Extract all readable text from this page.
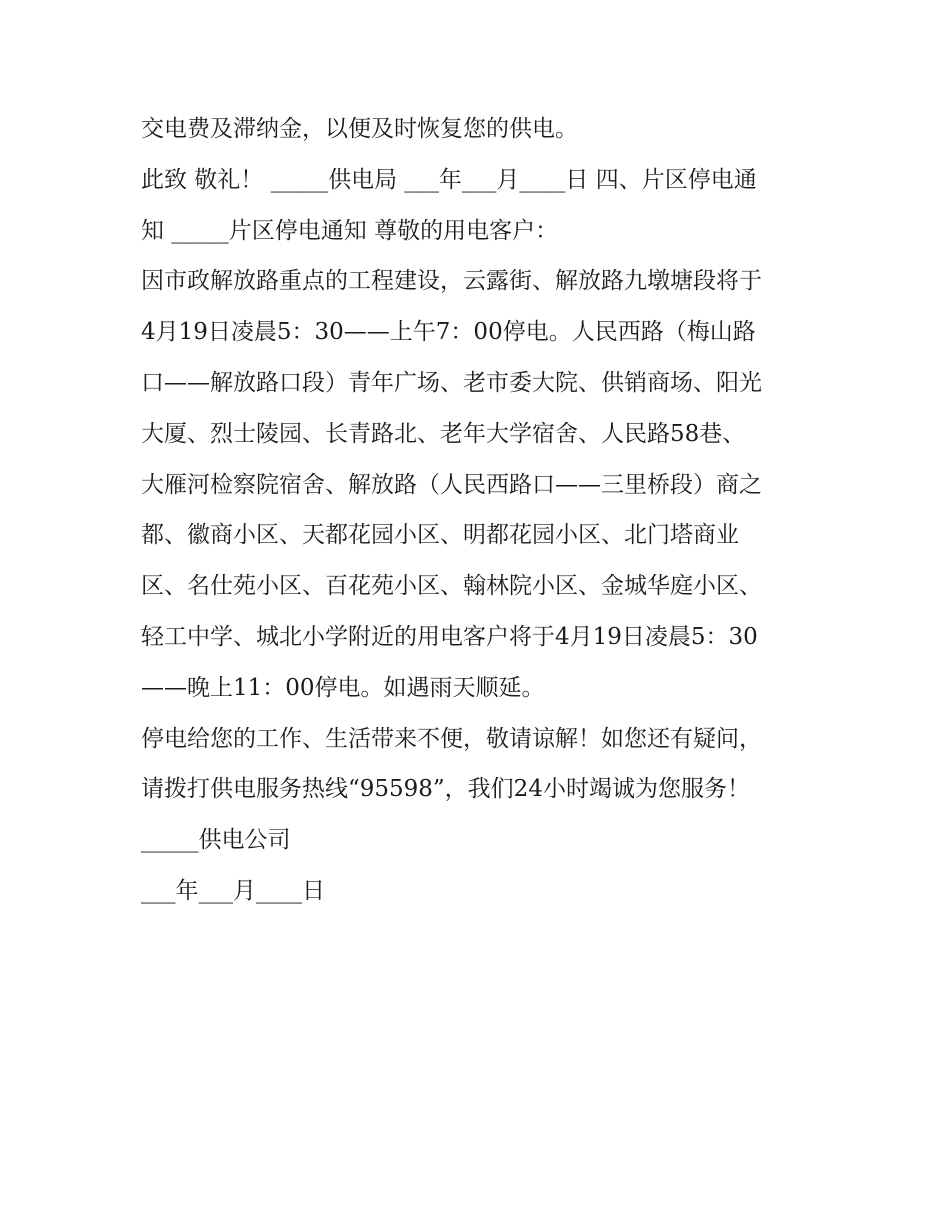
交电费及滞纳金，以便及时恢复您的供电。
此致 敬礼！ _____供电局 ___年___月____日 四、片区停电通
知 _____片区停电通知 尊敬的用电客户：
因市政解放路重点的工程建设，云露街、解放路九墩塘段将于
4月19日凌晨5：30——上午7：00停电。人民西路（梅山路
口——解放路口段）青年广场、老市委大院、供销商场、阳光
大厦、烈士陵园、长青路北、老年大学宿舍、人民路58巷、
大雁河检察院宿舍、解放路（人民西路口——三里桥段）商之
都、徽商小区、天都花园小区、明都花园小区、北门塔商业
区、名仕苑小区、百花苑小区、翰林院小区、金城华庭小区、
轻工中学、城北小学附近的用电客户将于4月19日凌晨5：30
——晚上11：00停电。如遇雨天顺延。
停电给您的工作、生活带来不便，敬请谅解！如您还有疑问，
请拨打供电服务热线“95598”，我们24小时竭诚为您服务！
_____供电公司
___年___月____日
